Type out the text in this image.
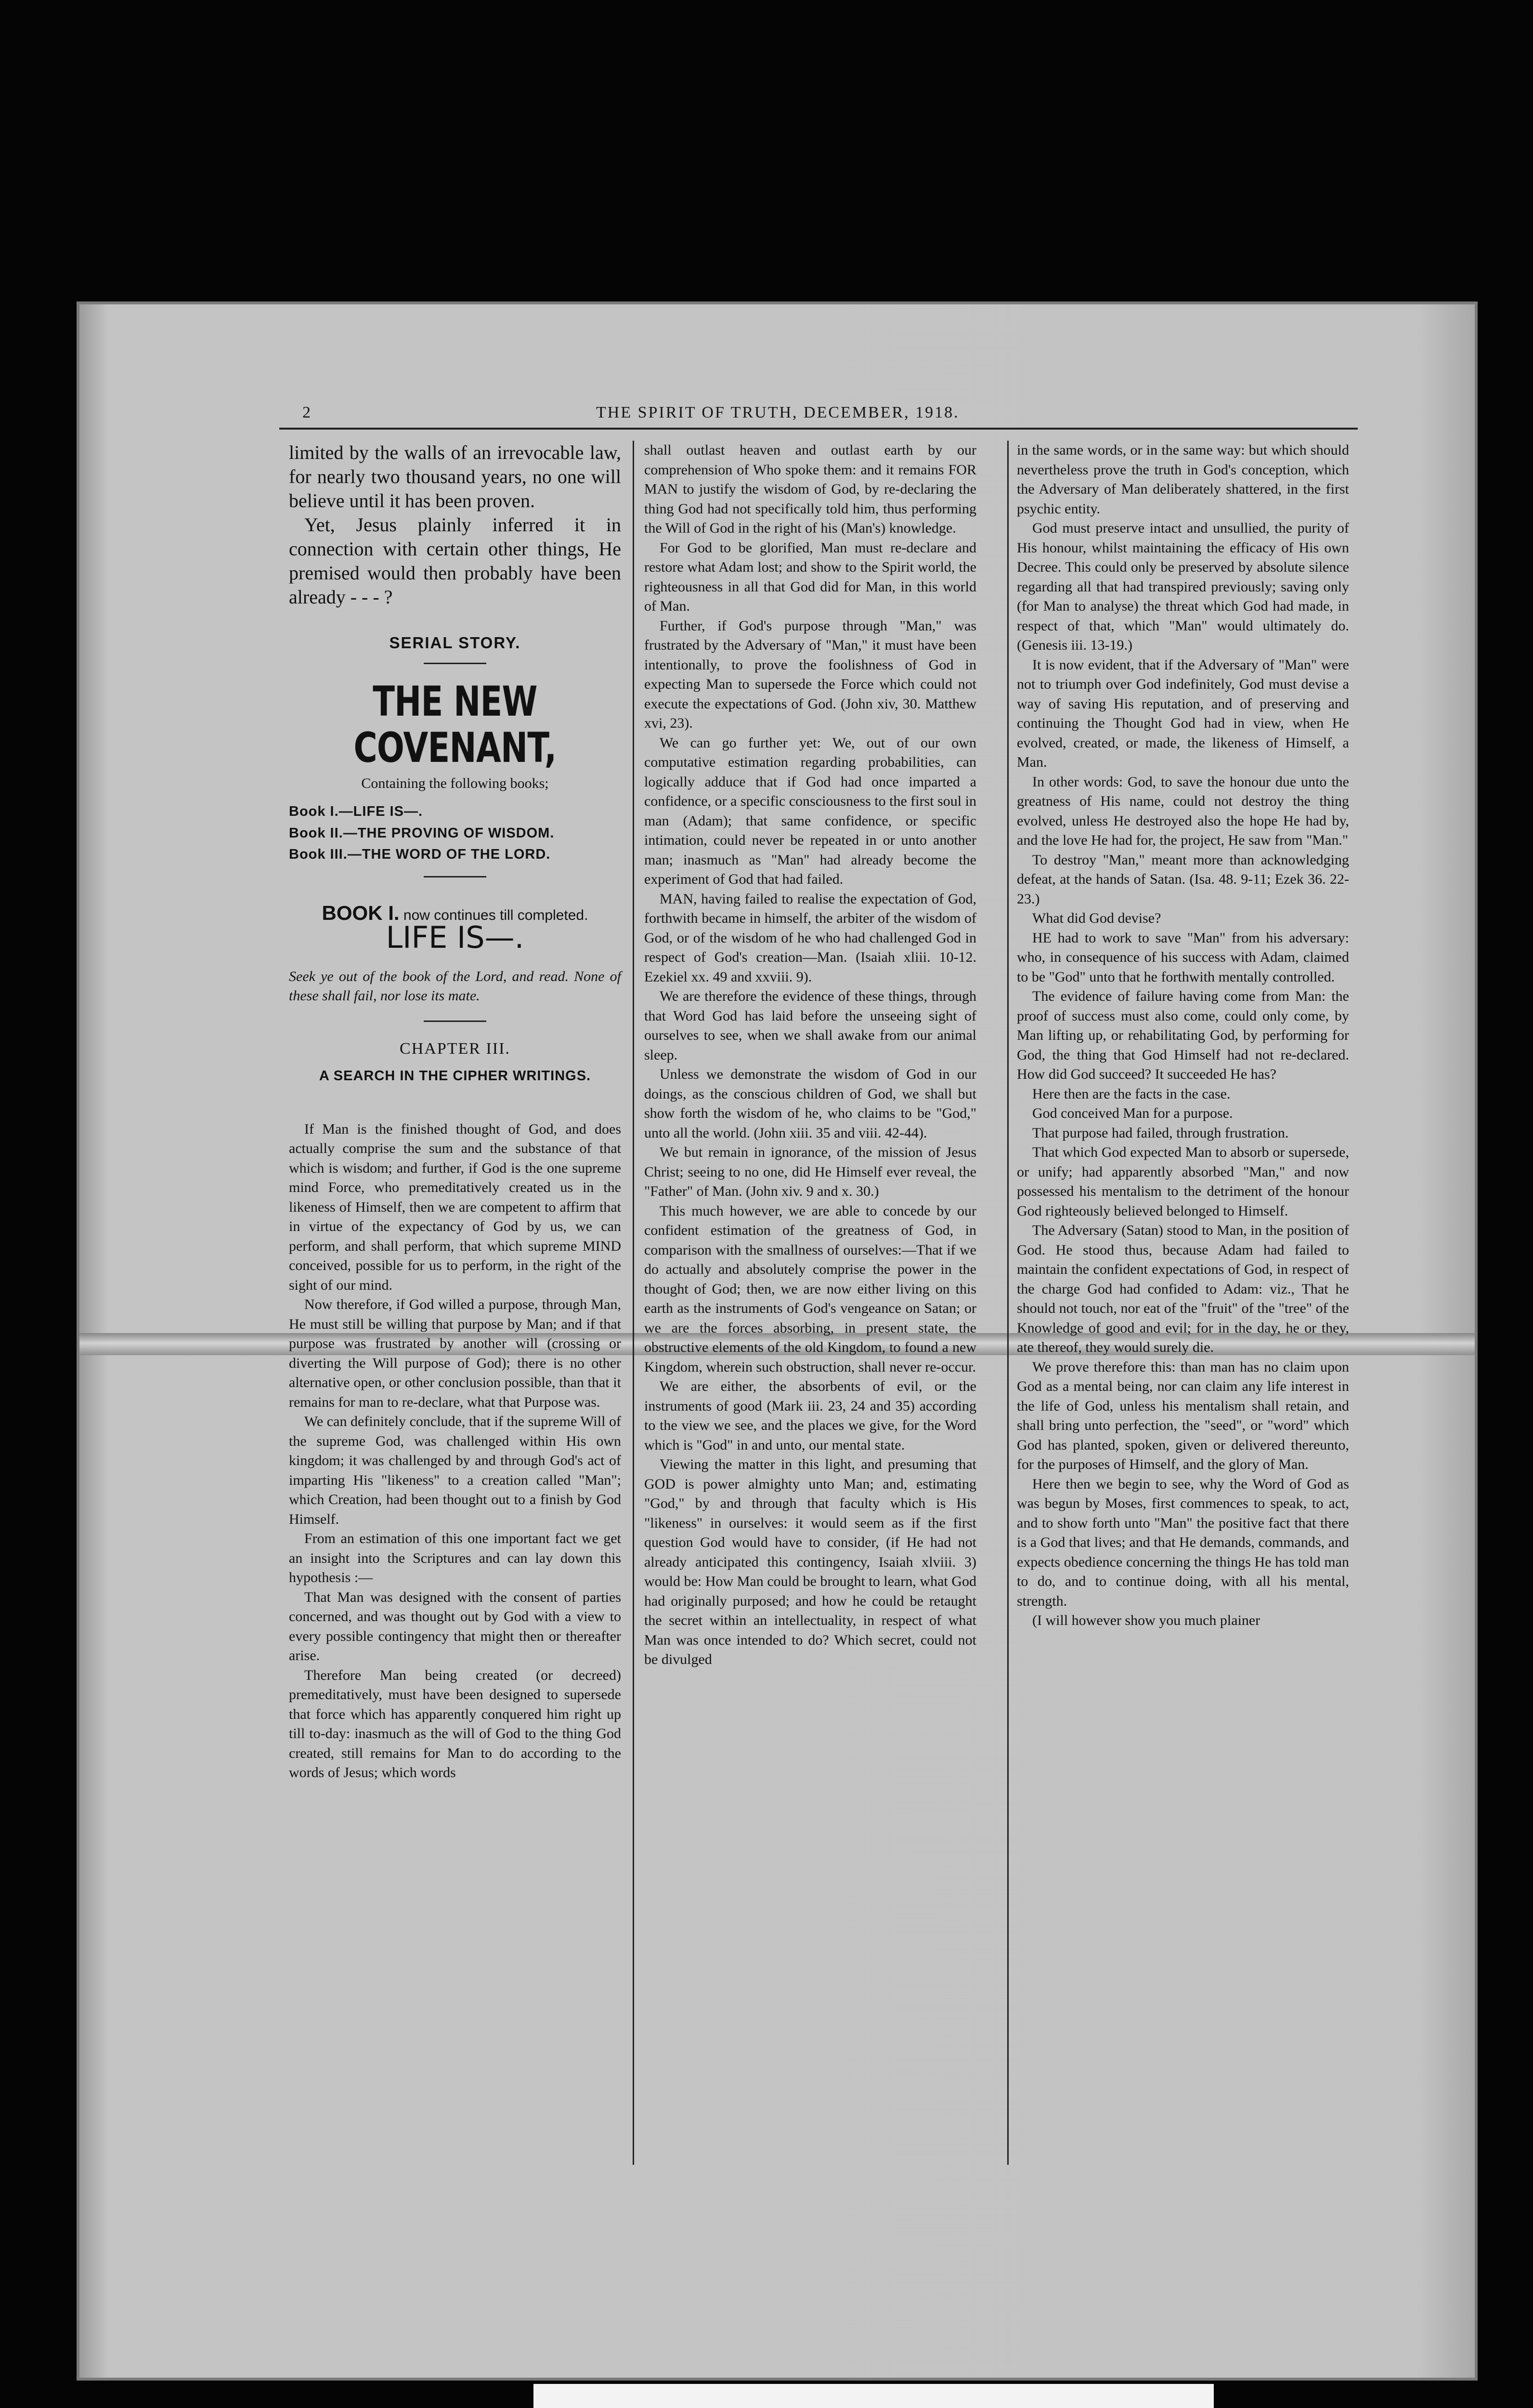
2	THE SPIRIT OF TRUTH, DECEMBER, 1918.

limited by the walls of an irrevocable law, for nearly two thousand years, no one will believe until it has been proven.

Yet, Jesus plainly inferred it in connection with certain other things, He premised would then probably have been already - - - ?

SERIAL STORY.
THE NEW COVENANT,

Containing the following books;

Book I.—LIFE IS—.
Book II.—THE PROVING OF WISDOM.
Book III.—THE WORD OF THE LORD.
BOOK I. now continues till completed.
LIFE IS—.

Seek ye out of the book of the Lord, and read. None of these shall fail, nor lose its mate.

CHAPTER III.
A SEARCH IN THE CIPHER WRITINGS.

If Man is the finished thought of God, and does actually comprise the sum and the substance of that which is wisdom; and further, if God is the one supreme mind Force, who premeditatively created us in the likeness of Himself, then we are competent to affirm that in virtue of the expectancy of God by us, we can perform, and shall perform, that which supreme MIND conceived, possible for us to perform, in the right of the sight of our mind.

Now therefore, if God willed a purpose, through Man, He must still be willing that purpose by Man; and if that purpose was frustrated by another will (crossing or diverting the Will purpose of God); there is no other alternative open, or other conclusion possible, than that it remains for man to re-declare, what that Purpose was.

We can definitely conclude, that if the supreme Will of the supreme God, was challenged within His own kingdom; it was challenged by and through God's act of imparting His "likeness" to a creation called "Man"; which Creation, had been thought out to a finish by God Himself.

From an estimation of this one important fact we get an insight into the Scriptures and can lay down this hypothesis :—

That Man was designed with the consent of parties concerned, and was thought out by God with a view to every possible contingency that might then or thereafter arise.

Therefore Man being created (or decreed) premeditatively, must have been designed to supersede that force which has apparently conquered him right up till to-day: inasmuch as the will of God to the thing God created, still remains for Man to do according to the words of Jesus; which words

shall outlast heaven and outlast earth by our comprehension of Who spoke them: and it remains FOR MAN to justify the wisdom of God, by re-declaring the thing God had not specifically told him, thus performing the Will of God in the right of his (Man's) knowledge.

For God to be glorified, Man must re-declare and restore what Adam lost; and show to the Spirit world, the righteousness in all that God did for Man, in this world of Man.

Further, if God's purpose through "Man," was frustrated by the Adversary of "Man," it must have been intentionally, to prove the foolishness of God in expecting Man to supersede the Force which could not execute the expectations of God. (John xiv, 30. Matthew xvi, 23).

We can go further yet: We, out of our own computative estimation regarding probabilities, can logically adduce that if God had once imparted a confidence, or a specific consciousness to the first soul in man (Adam); that same confidence, or specific intimation, could never be repeated in or unto another man; inasmuch as "Man" had already become the experiment of God that had failed.

MAN, having failed to realise the expectation of God, forthwith became in himself, the arbiter of the wisdom of God, or of the wisdom of he who had challenged God in respect of God's creation—Man. (Isaiah xliii. 10-12. Ezekiel xx. 49 and xxviii. 9).

We are therefore the evidence of these things, through that Word God has laid before the unseeing sight of ourselves to see, when we shall awake from our animal sleep.

Unless we demonstrate the wisdom of God in our doings, as the conscious children of God, we shall but show forth the wisdom of he, who claims to be "God," unto all the world. (John xiii. 35 and viii. 42-44).

We but remain in ignorance, of the mission of Jesus Christ; seeing to no one, did He Himself ever reveal, the "Father" of Man. (John xiv. 9 and x. 30.)

This much however, we are able to concede by our confident estimation of the greatness of God, in comparison with the smallness of ourselves:—That if we do actually and absolutely comprise the power in the thought of God; then, we are now either living on this earth as the instruments of God's vengeance on Satan; or we are the forces absorbing, in present state, the obstructive elements of the old Kingdom, to found a new Kingdom, wherein such obstruction, shall never re-occur.

We are either, the absorbents of evil, or the instruments of good (Mark iii. 23, 24 and 35) according to the view we see, and the places we give, for the Word which is "God" in and unto, our mental state.

Viewing the matter in this light, and presuming that GOD is power almighty unto Man; and, estimating "God," by and through that faculty which is His "likeness" in ourselves: it would seem as if the first question God would have to consider, (if He had not already anticipated this contingency, Isaiah xlviii. 3) would be: How Man could be brought to learn, what God had originally purposed; and how he could be retaught the secret within an intellectuality, in respect of what Man was once intended to do? Which secret, could not be divulged

in the same words, or in the same way: but which should nevertheless prove the truth in God's conception, which the Adversary of Man deliberately shattered, in the first psychic entity.

God must preserve intact and unsullied, the purity of His honour, whilst maintaining the efficacy of His own Decree. This could only be preserved by absolute silence regarding all that had transpired previously; saving only (for Man to analyse) the threat which God had made, in respect of that, which "Man" would ultimately do. (Genesis iii. 13-19.)

It is now evident, that if the Adversary of "Man" were not to triumph over God indefinitely, God must devise a way of saving His reputation, and of preserving and continuing the Thought God had in view, when He evolved, created, or made, the likeness of Himself, a Man.

In other words: God, to save the honour due unto the greatness of His name, could not destroy the thing evolved, unless He destroyed also the hope He had by, and the love He had for, the project, He saw from "Man."

To destroy "Man," meant more than acknowledging defeat, at the hands of Satan. (Isa. 48. 9-11; Ezek 36. 22-23.)

What did God devise?

HE had to work to save "Man" from his adversary: who, in consequence of his success with Adam, claimed to be "God" unto that he forthwith mentally controlled.

The evidence of failure having come from Man: the proof of success must also come, could only come, by Man lifting up, or rehabilitating God, by performing for God, the thing that God Himself had not re-declared. How did God succeed? It succeeded He has?

Here then are the facts in the case.

God conceived Man for a purpose.

That purpose had failed, through frustration.

That which God expected Man to absorb or supersede, or unify; had apparently absorbed "Man," and now possessed his mentalism to the detriment of the honour God righteously believed belonged to Himself.

The Adversary (Satan) stood to Man, in the position of God. He stood thus, because Adam had failed to maintain the confident expectations of God, in respect of the charge God had confided to Adam: viz., That he should not touch, nor eat of the "fruit" of the "tree" of the Knowledge of good and evil; for in the day, he or they, ate thereof, they would surely die.

We prove therefore this: than man has no claim upon God as a mental being, nor can claim any life interest in the life of God, unless his mentalism shall retain, and shall bring unto perfection, the "seed", or "word" which God has planted, spoken, given or delivered thereunto, for the purposes of Himself, and the glory of Man.

Here then we begin to see, why the Word of God as was begun by Moses, first commences to speak, to act, and to show forth unto "Man" the positive fact that there is a God that lives; and that He demands, commands, and expects obedience concerning the things He has told man to do, and to continue doing, with all his mental, strength.

(I will however show you much plainer
